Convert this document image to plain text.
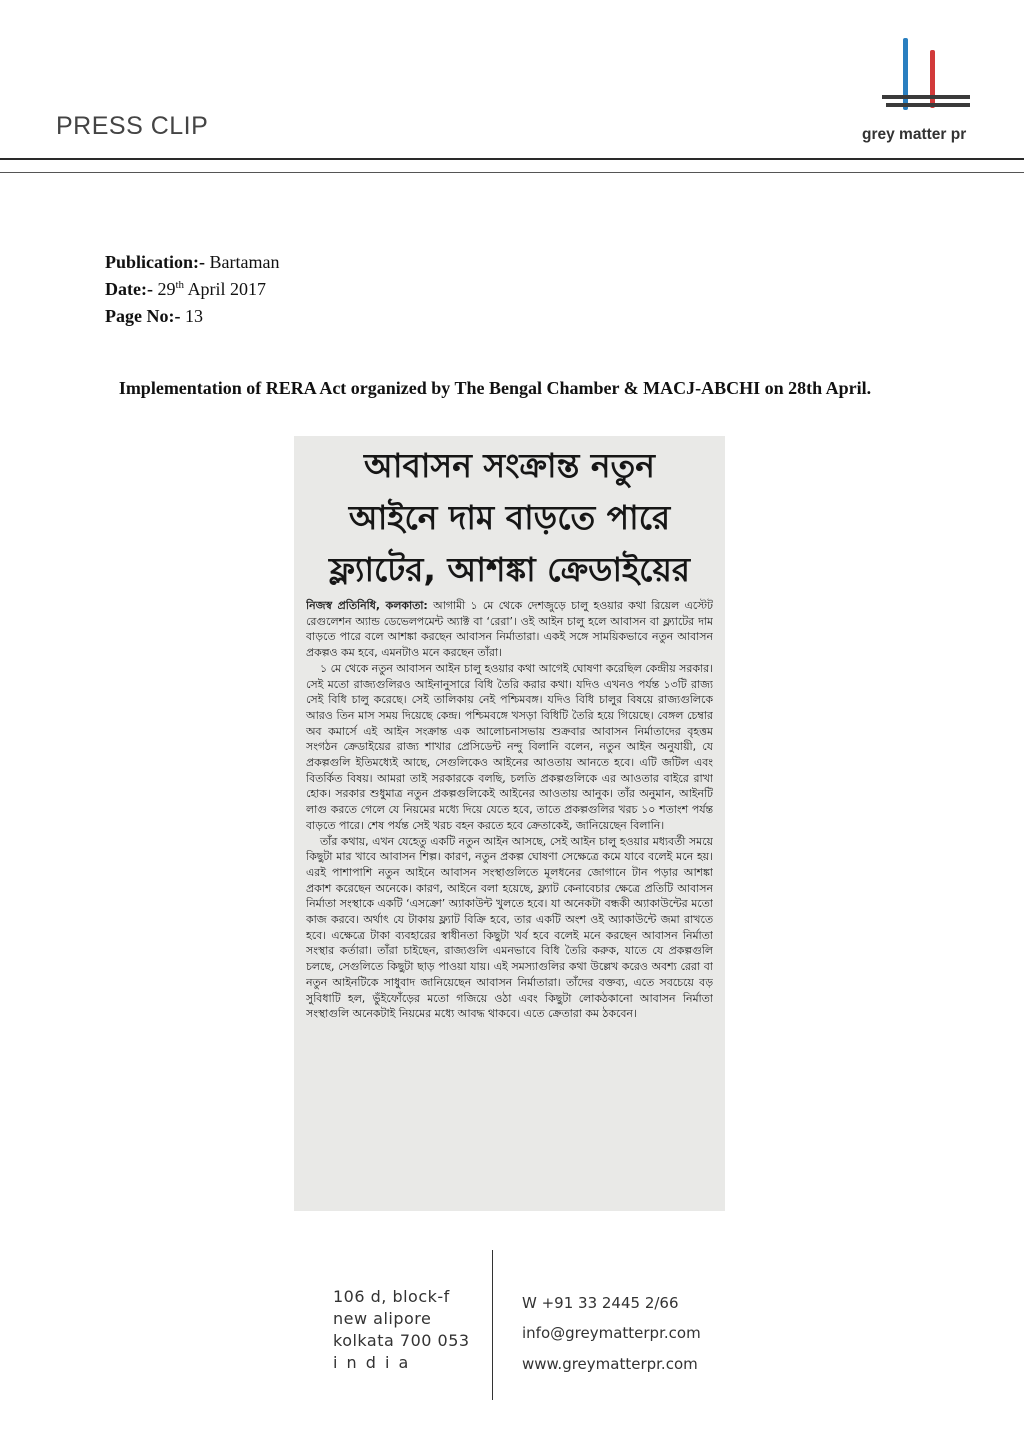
PRESS CLIP	grey matter pr
Publication:- Bartaman
Date:- 29th April 2017
Page No:- 13
Implementation of RERA Act organized by The Bengal Chamber & MACJ-ABCHI on 28th April.
আবাসন সংক্রান্ত নতুন
আইনে দাম বাড়তে পারে
ফ্ল্যাটের, আশঙ্কা ক্রেডাইয়ের

নিজস্ব প্রতিনিধি, কলকাতা: আগামী ১ মে থেকে দেশজুড়ে চালু হওয়ার কথা রিয়েল এস্টেট রেগুলেশন অ্যান্ড ডেভেলপমেন্ট অ্যাক্ট বা ‘রেরা’। ওই আইন চালু হলে আবাসন বা ফ্ল্যাটের দাম বাড়তে পারে বলে আশঙ্কা করছেন আবাসন নির্মাতারা। একই সঙ্গে সাময়িকভাবে নতুন আবাসন প্রকল্পও কম হবে, এমনটাও মনে করছেন তাঁরা।

১ মে থেকে নতুন আবাসন আইন চালু হওয়ার কথা আগেই ঘোষণা করেছিল কেন্দ্রীয় সরকার। সেই মতো রাজ্যগুলিরও আইনানুসারে বিধি তৈরি করার কথা। যদিও এখনও পর্যন্ত ১৩টি রাজ্য সেই বিধি চালু করেছে। সেই তালিকায় নেই পশ্চিমবঙ্গ। যদিও বিধি চালুর বিষয়ে রাজ্যগুলিকে আরও তিন মাস সময় দিয়েছে কেন্দ্র। পশ্চিমবঙ্গে খসড়া বিধিটি তৈরি হয়ে গিয়েছে। বেঙ্গল চেম্বার অব কমার্সে এই আইন সংক্রান্ত এক আলোচনাসভায় শুক্রবার আবাসন নির্মাতাদের বৃহত্তম সংগঠন ক্রেডাইয়ের রাজ্য শাখার প্রেসিডেন্ট নন্দু বিলানি বলেন, নতুন আইন অনুযায়ী, যে প্রকল্পগুলি ইতিমধ্যেই আছে, সেগুলিকেও আইনের আওতায় আনতে হবে। এটি জটিল এবং বিতর্কিত বিষয়। আমরা তাই সরকারকে বলছি, চলতি প্রকল্পগুলিকে এর আওতার বাইরে রাখা হোক। সরকার শুধুমাত্র নতুন প্রকল্পগুলিকেই আইনের আওতায় আনুক। তাঁর অনুমান, আইনটি লাগু করতে গেলে যে নিয়মের মধ্যে দিয়ে যেতে হবে, তাতে প্রকল্পগুলির খরচ ১০ শতাংশ পর্যন্ত বাড়তে পারে। শেষ পর্যন্ত সেই খরচ বহন করতে হবে ক্রেতাকেই, জানিয়েছেন বিলানি।

তাঁর কথায়, এখন যেহেতু একটি নতুন আইন আসছে, সেই আইন চালু হওয়ার মধ্যবর্তী সময়ে কিছুটা মার খাবে আবাসন শিল্প। কারণ, নতুন প্রকল্প ঘোষণা সেক্ষেত্রে কমে যাবে বলেই মনে হয়। এরই পাশাপাশি নতুন আইনে আবাসন সংস্থাগুলিতে মূলধনের জোগানে টান পড়ার আশঙ্কা প্রকাশ করেছেন অনেকে। কারণ, আইনে বলা হয়েছে, ফ্ল্যাট কেনাবেচার ক্ষেত্রে প্রতিটি আবাসন নির্মাতা সংস্থাকে একটি ‘এসক্রো’ অ্যাকাউন্ট খুলতে হবে। যা অনেকটা বন্ধকী অ্যাকাউন্টের মতো কাজ করবে। অর্থাৎ যে টাকায় ফ্ল্যাট বিক্রি হবে, তার একটি অংশ ওই অ্যাকাউন্টে জমা রাখতে হবে। এক্ষেত্রে টাকা ব্যবহারের স্বাধীনতা কিছুটা খর্ব হবে বলেই মনে করছেন আবাসন নির্মাতা সংস্থার কর্তারা। তাঁরা চাইছেন, রাজ্যগুলি এমনভাবে বিধি তৈরি করুক, যাতে যে প্রকল্পগুলি চলছে, সেগুলিতে কিছুটা ছাড় পাওয়া যায়। এই সমস্যাগুলির কথা উল্লেখ করেও অবশ্য রেরা বা নতুন আইনটিকে সাধুবাদ জানিয়েছেন আবাসন নির্মাতারা। তাঁদের বক্তব্য, এতে সবচেয়ে বড় সুবিধাটি হল, ভুঁইফোঁড়ের মতো গজিয়ে ওঠা এবং কিছুটা লোকঠকানো আবাসন নির্মাতা সংস্থাগুলি অনেকটাই নিয়মের মধ্যে আবদ্ধ থাকবে। এতে ক্রেতারা কম ঠকবেন।

106 d, block-f
new alipore
kolkata 700 053
i n d i a
W +91 33 2445 2/66
info@greymatterpr.com
www.greymatterpr.com
